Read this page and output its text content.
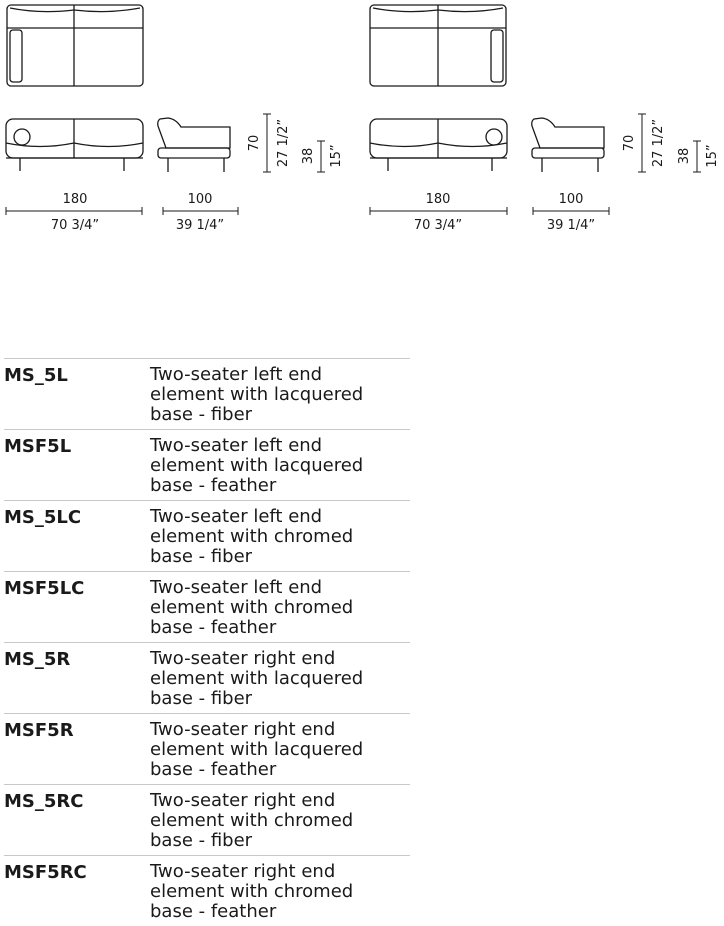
180
70 3/4”
100
39 1/4”
70 27 1/2” 38 15”
180
70 3/4”
100
39 1/4”
70 27 1/2” 38 15”
MS_5L	Two-seater left end element with lacquered base - fiber
MSF5L	Two-seater left end element with lacquered base - feather
MS_5LC	Two-seater left end element with chromed base - fiber
MSF5LC	Two-seater left end element with chromed base - feather
MS_5R	Two-seater right end element with lacquered base - fiber
MSF5R	Two-seater right end element with lacquered base - feather
MS_5RC	Two-seater right end element with chromed base - fiber
MSF5RC	Two-seater right end element with chromed base - feather
